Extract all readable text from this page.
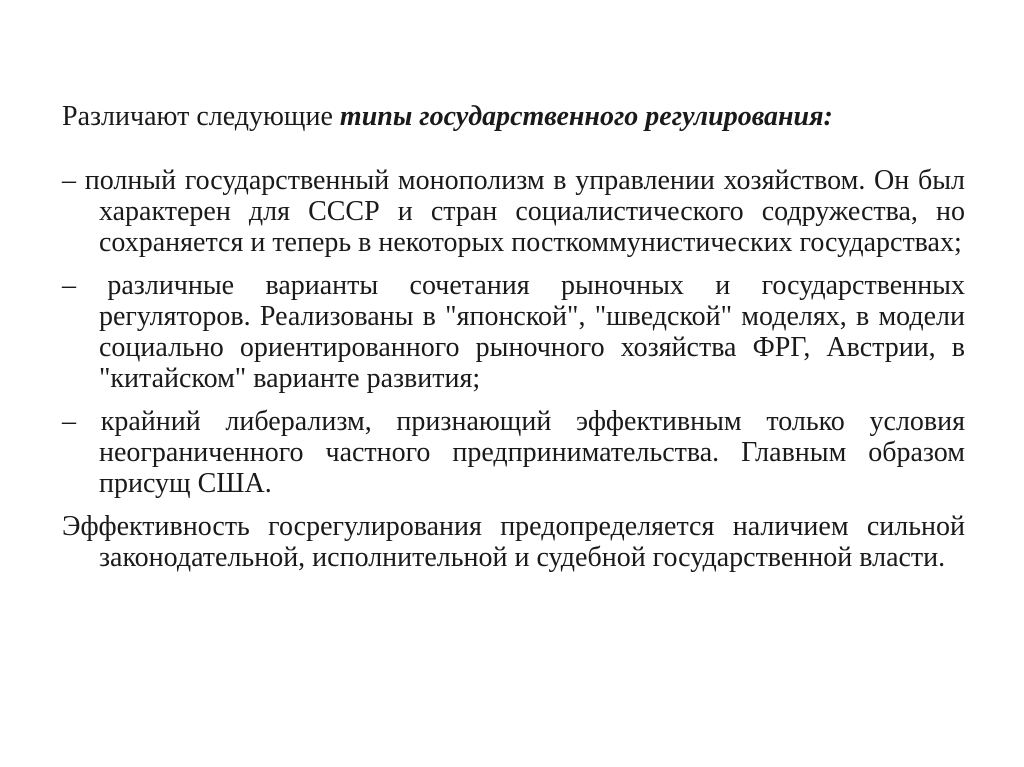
Различают следующие типы государственного регулирования:

– полный государственный монополизм в управлении хозяйством. Он был характерен для СССР и стран социалистического содружества, но сохраняется и теперь в некоторых посткоммунистических государствах;

– различные варианты сочетания рыночных и государственных регуляторов. Реализованы в "японской", "шведской" моделях, в модели социально ориентированного рыночного хозяйства ФРГ, Австрии, в "китайском" варианте развития;

– крайний либерализм, признающий эффективным только условия неограниченного частного предпринимательства. Главным образом присущ США.

Эффективность госрегулирования предопределяется наличием сильной законодательной, исполнительной и судебной государственной власти.
